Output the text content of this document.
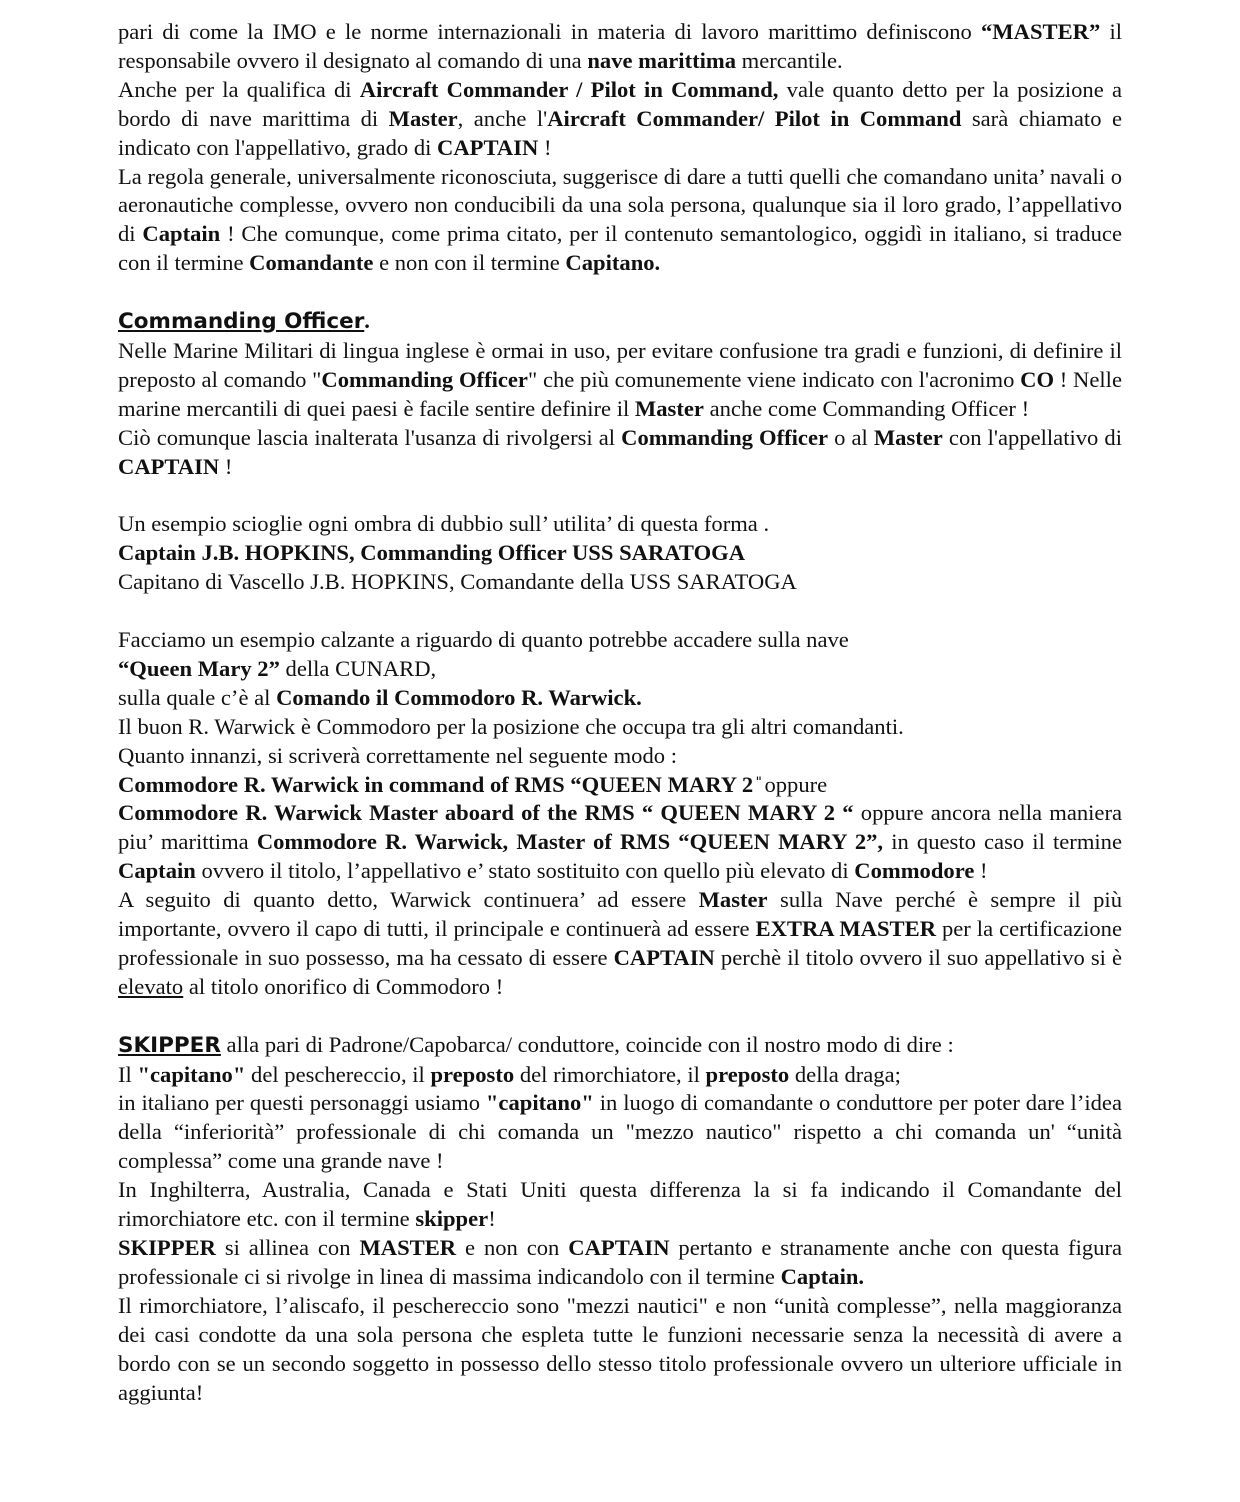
pari di come la IMO e le norme internazionali in materia di lavoro marittimo definiscono “MASTER” il responsabile ovvero il designato al comando di una nave marittima mercantile.

Anche per la qualifica di Aircraft Commander / Pilot in Command, vale quanto detto per la posizione a bordo di nave marittima di Master, anche l'Aircraft Commander/ Pilot in Command sarà chiamato e indicato con l'appellativo, grado di CAPTAIN !

La regola generale, universalmente riconosciuta, suggerisce di dare a tutti quelli che comandano unita’ navali o aeronautiche complesse, ovvero non conducibili da una sola persona, qualunque sia il loro grado, l’appellativo di Captain ! Che comunque, come prima citato, per il contenuto semantologico, oggidì in italiano, si traduce con il termine Comandante e non con il termine Capitano.

Commanding Officer.

Nelle Marine Militari di lingua inglese è ormai in uso, per evitare confusione tra gradi e funzioni, di definire il preposto al comando "Commanding Officer" che più comunemente viene indicato con l'acronimo CO ! Nelle marine mercantili di quei paesi è facile sentire definire il Master anche come Commanding Officer !

Ciò comunque lascia inalterata l'usanza di rivolgersi al Commanding Officer o al Master con l'appellativo di CAPTAIN !

Un esempio scioglie ogni ombra di dubbio sull’ utilita’ di questa forma .

Captain J.B. HOPKINS, Commanding Officer USS SARATOGA

Capitano di Vascello J.B. HOPKINS, Comandante della USS SARATOGA

Facciamo un esempio calzante a riguardo di quanto potrebbe accadere sulla nave

“Queen Mary 2” della CUNARD,

sulla quale c’è al Comando il Commodoro R. Warwick.

Il buon R. Warwick è Commodoro per la posizione che occupa tra gli altri comandanti.

Quanto innanzi, si scriverà correttamente nel seguente modo :

Commodore R. Warwick in command of RMS “QUEEN MARY 2 ̎ oppure

Commodore R. Warwick Master aboard of the RMS “ QUEEN MARY 2 “ oppure ancora nella maniera piu’ marittima Commodore R. Warwick, Master of RMS “QUEEN MARY 2”, in questo caso il termine Captain ovvero il titolo, l’appellativo e’ stato sostituito con quello più elevato di Commodore !

A seguito di quanto detto, Warwick continuera’ ad essere Master sulla Nave perché è sempre il più importante, ovvero il capo di tutti, il principale e continuerà ad essere EXTRA MASTER per la certificazione professionale in suo possesso, ma ha cessato di essere CAPTAIN perchè il titolo ovvero il suo appellativo si è elevato al titolo onorifico di Commodoro !

SKIPPER alla pari di Padrone/Capobarca/ conduttore, coincide con il nostro modo di dire :

Il "capitano" del peschereccio, il preposto del rimorchiatore, il preposto della draga;

in italiano per questi personaggi usiamo "capitano" in luogo di comandante o conduttore per poter dare l’idea della “inferiorità” professionale di chi comanda un "mezzo nautico" rispetto a chi comanda un' “unità complessa” come una grande nave !

In Inghilterra, Australia, Canada e Stati Uniti questa differenza la si fa indicando il Comandante del rimorchiatore etc. con il termine skipper!

SKIPPER si allinea con MASTER e non con CAPTAIN pertanto e stranamente anche con questa figura professionale ci si rivolge in linea di massima indicandolo con il termine Captain.

Il rimorchiatore, l’aliscafo, il peschereccio sono "mezzi nautici" e non “unità complesse”, nella maggioranza dei casi condotte da una sola persona che espleta tutte le funzioni necessarie senza la necessità di avere a bordo con se un secondo soggetto in possesso dello stesso titolo professionale ovvero un ulteriore ufficiale in aggiunta!
